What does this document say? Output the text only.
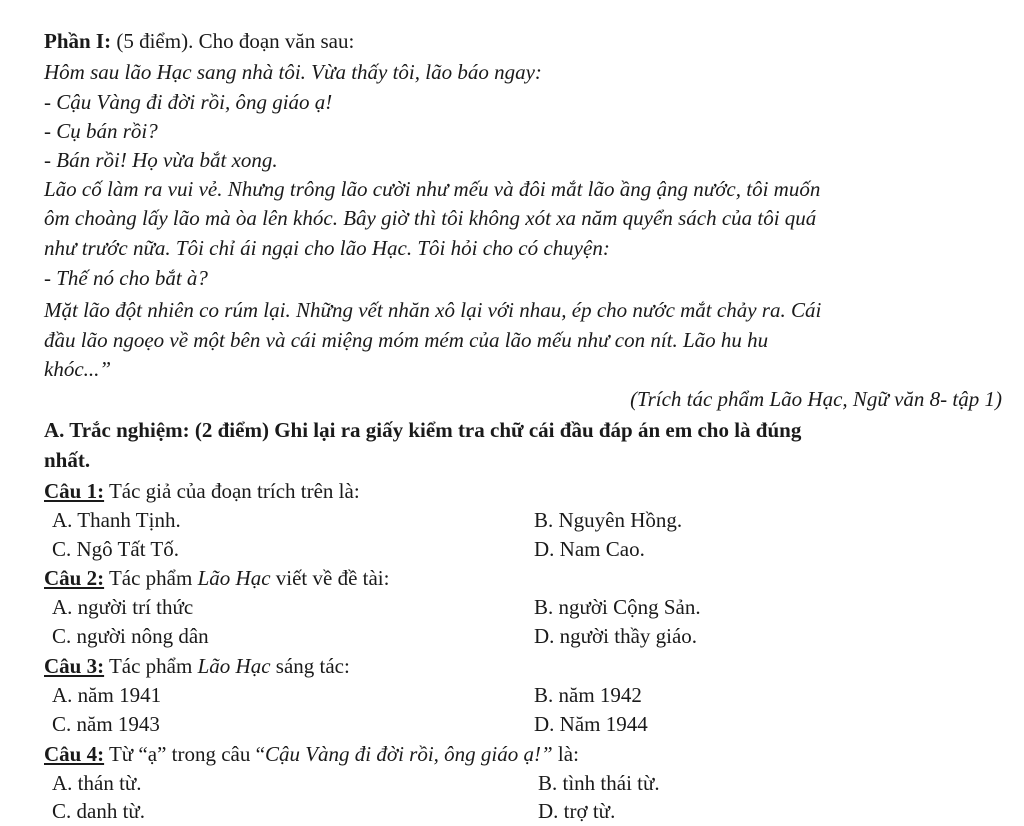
Phần I: (5 điểm). Cho đoạn văn sau:
Hôm sau lão Hạc sang nhà tôi. Vừa thấy tôi, lão báo ngay:
- Cậu Vàng đi đời rồi, ông giáo ạ!
- Cụ bán rồi?
- Bán rồi! Họ vừa bắt xong.
Lão cố làm ra vui vẻ. Nhưng trông lão cười như mếu và đôi mắt lão ầng ậng nước, tôi muốn
ôm choàng lấy lão mà òa lên khóc. Bây giờ thì tôi không xót xa năm quyển sách của tôi quá
như trước nữa. Tôi chỉ ái ngại cho lão Hạc. Tôi hỏi cho có chuyện:
- Thế nó cho bắt à?
Mặt lão đột nhiên co rúm lại. Những vết nhăn xô lại với nhau, ép cho nước mắt chảy ra. Cái
đầu lão ngoẹo về một bên và cái miệng móm mém của lão mếu như con nít. Lão hu hu
khóc...”
(Trích tác phẩm Lão Hạc, Ngữ văn 8- tập 1)
A. Trắc nghiệm: (2 điểm) Ghi lại ra giấy kiểm tra chữ cái đầu đáp án em cho là đúng
nhất.
Câu 1: Tác giả của đoạn trích trên là:
A. Thanh Tịnh.	B. Nguyên Hồng.
C. Ngô Tất Tố.	D. Nam Cao.
Câu 2: Tác phẩm Lão Hạc viết về đề tài:
A. người trí thức	B. người Cộng Sản.
C. người nông dân	D. người thầy giáo.
Câu 3: Tác phẩm Lão Hạc sáng tác:
A. năm 1941	B. năm 1942
C. năm 1943	D. Năm 1944
Câu 4: Từ “ạ” trong câu “Cậu Vàng đi đời rồi, ông giáo ạ!” là:
A. thán từ.	B. tình thái từ.
C. danh từ.	D. trợ từ.
